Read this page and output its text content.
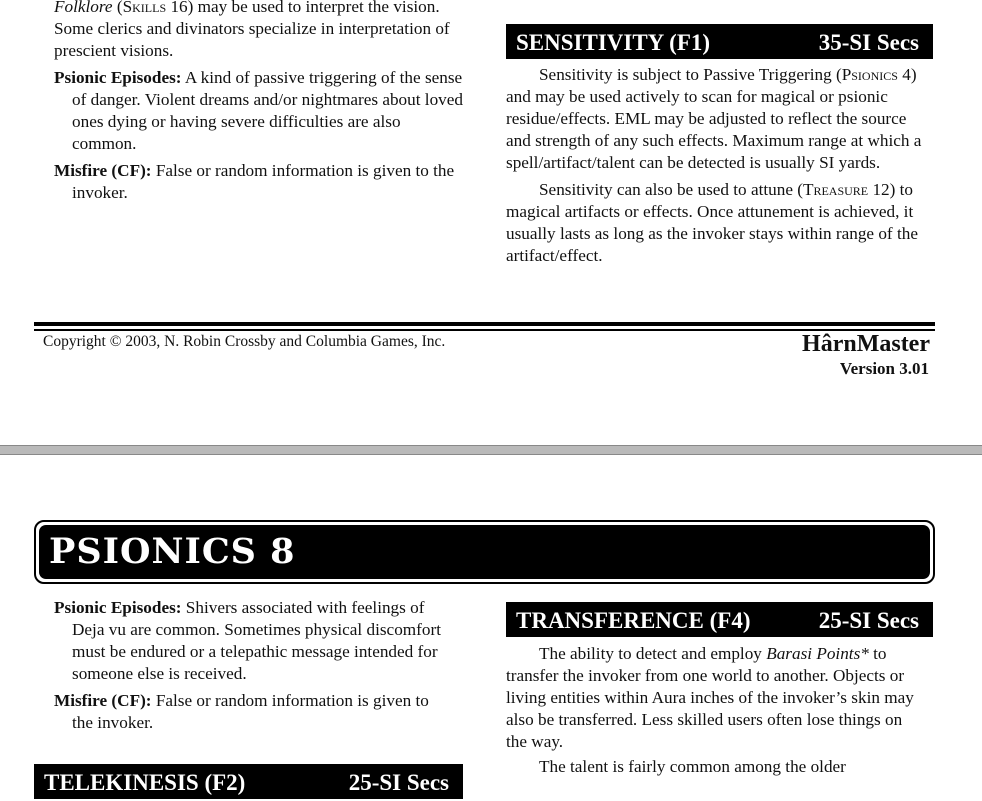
Folklore (Skills 16) may be used to interpret the vision. Some clerics and divinators specialize in interpretation of prescient visions.

Psionic Episodes: A kind of passive triggering of the sense of danger. Violent dreams and/or nightmares about loved ones dying or having severe difficulties are also common.

Misfire (CF): False or random information is given to the invoker.

SENSITIVITY (F1)	35-SI Secs

Sensitivity is subject to Passive Triggering (Psionics 4) and may be used actively to scan for magical or psionic residue/effects. EML may be adjusted to reflect the source and strength of any such effects. Maximum range at which a spell/artifact/talent can be detected is usually SI yards.

Sensitivity can also be used to attune (Treasure 12) to magical artifacts or effects. Once attunement is achieved, it usually lasts as long as the invoker stays within range of the artifact/effect.

Copyright © 2003, N. Robin Crossby and Columbia Games, Inc.	HârnMaster
Version 3.01
PSIONICS 8

Psionic Episodes: Shivers associated with feelings of Deja vu are common. Sometimes physical discomfort must be endured or a telepathic message intended for someone else is received.

Misfire (CF): False or random information is given to the invoker.

TELEKINESIS (F2)	25-SI Secs
TRANSFERENCE (F4)	25-SI Secs

The ability to detect and employ Barasi Points* to transfer the invoker from one world to another. Objects or living entities within Aura inches of the invoker’s skin may also be transferred. Less skilled users often lose things on the way.

The talent is fairly common among the older
